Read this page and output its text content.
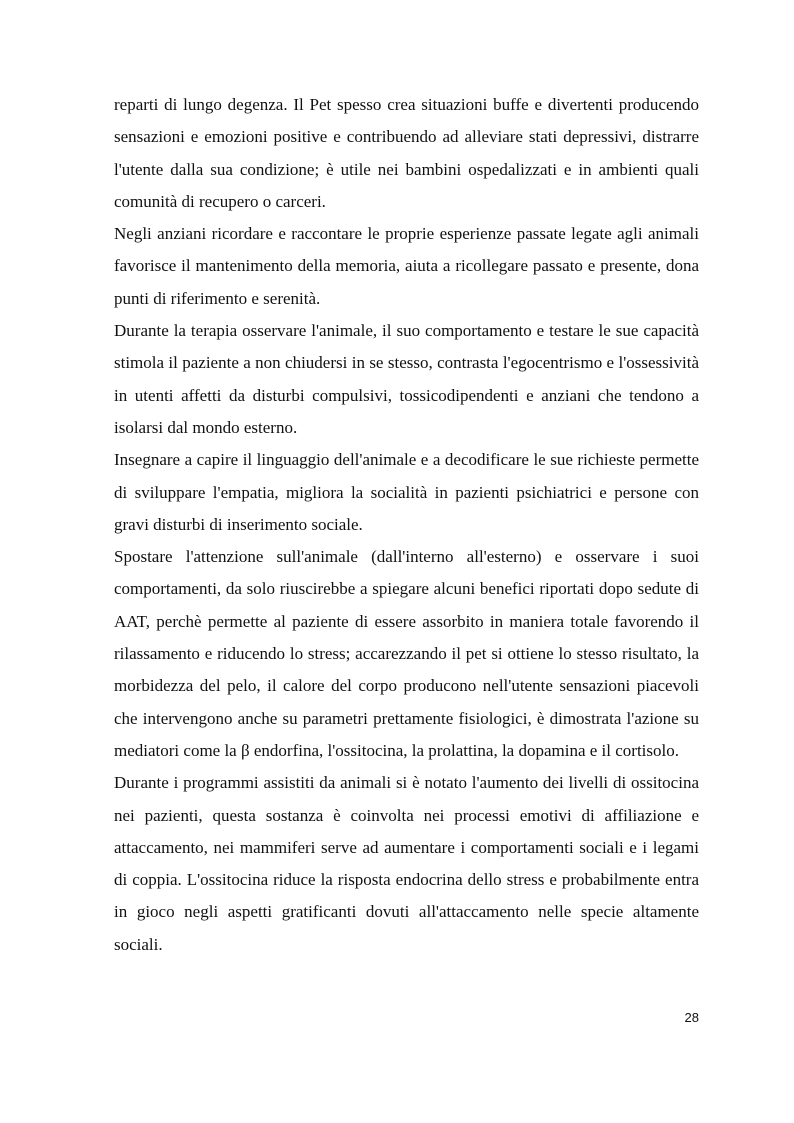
reparti di lungo degenza. Il Pet spesso crea situazioni buffe e divertenti producendo sensazioni e emozioni positive e contribuendo ad alleviare stati depressivi, distrarre l'utente dalla sua condizione; è utile nei bambini ospedalizzati e in ambienti quali comunità di recupero o carceri.

Negli anziani ricordare e raccontare le proprie esperienze passate legate agli animali favorisce il mantenimento della memoria, aiuta a ricollegare passato e presente, dona punti di riferimento e serenità.

Durante la terapia osservare l'animale, il suo comportamento e testare le sue capacità stimola il paziente a non chiudersi in se stesso, contrasta l'egocentrismo e l'ossessività in utenti affetti da disturbi compulsivi, tossicodipendenti e anziani che tendono a isolarsi dal mondo esterno.

Insegnare a capire il linguaggio dell'animale e a decodificare le sue richieste permette di sviluppare l'empatia, migliora la socialità in pazienti psichiatrici e persone con gravi disturbi di inserimento sociale.

Spostare l'attenzione sull'animale (dall'interno all'esterno) e osservare i suoi comportamenti, da solo riuscirebbe a spiegare alcuni benefici riportati dopo sedute di AAT, perchè permette al paziente di essere assorbito in maniera totale favorendo il rilassamento e riducendo lo stress; accarezzando il pet si ottiene lo stesso risultato, la morbidezza del pelo, il calore del corpo producono nell'utente sensazioni piacevoli che intervengono anche su parametri prettamente fisiologici, è dimostrata l'azione su mediatori come la β endorfina, l'ossitocina, la prolattina, la dopamina e il cortisolo.

Durante i programmi assistiti da animali si è notato l'aumento dei livelli di ossitocina nei pazienti, questa sostanza è coinvolta nei processi emotivi di affiliazione e attaccamento, nei mammiferi serve ad aumentare i comportamenti sociali e i legami di coppia. L'ossitocina riduce la risposta endocrina dello stress e probabilmente entra in gioco negli aspetti gratificanti dovuti all'attaccamento nelle specie altamente sociali.

28
